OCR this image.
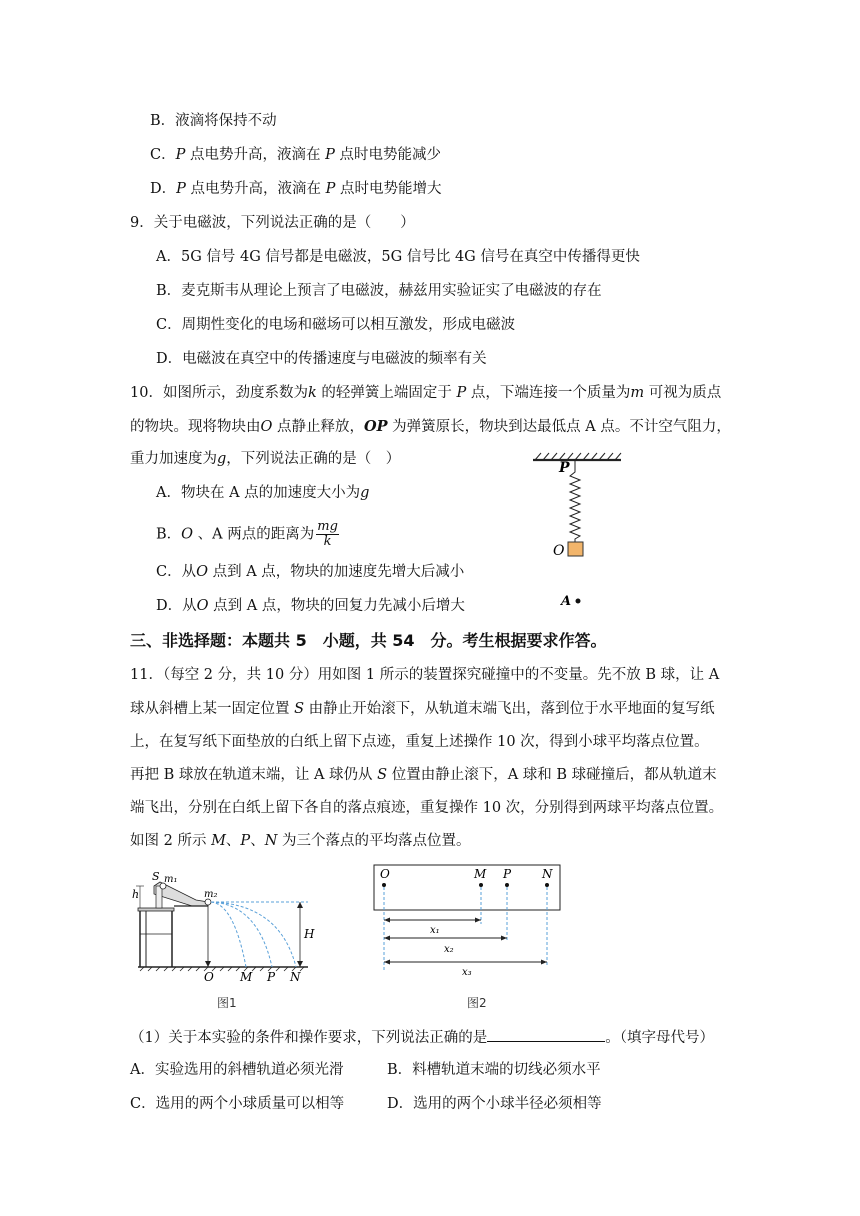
B．液滴将保持不动
C．P 点电势升高，液滴在 P 点时电势能减少
D．P 点电势升高，液滴在 P 点时电势能增大
9．关于电磁波，下列说法正确的是（　　）
A．5G 信号 4G 信号都是电磁波，5G 信号比 4G 信号在真空中传播得更快
B．麦克斯韦从理论上预言了电磁波，赫兹用实验证实了电磁波的存在
C．周期性变化的电场和磁场可以相互激发，形成电磁波
D．电磁波在真空中的传播速度与电磁波的频率有关
10．如图所示，劲度系数为k 的轻弹簧上端固定于 P 点，下端连接一个质量为m 可视为质点
的物块。现将物块由O 点静止释放，OP 为弹簧原长，物块到达最低点 A 点。不计空气阻力，
重力加速度为g，下列说法正确的是（　）
A．物块在 A 点的加速度大小为g
B．O 、A 两点的距离为 $\frac{mg}{k}$
C．从O 点到 A 点，物块的加速度先增大后减小
D．从O 点到 A 点，物块的回复力先减小后增大
P
O
A
三、非选择题：本题共 5　小题，共 54　分。考生根据要求作答。
11．（每空 2 分，共 10 分）用如图 1 所示的装置探究碰撞中的不变量。先不放 B 球，让 A
球从斜槽上某一固定位置 S 由静止开始滚下，从轨道末端飞出，落到位于水平地面的复写纸
上，在复写纸下面垫放的白纸上留下点迹，重复上述操作 10 次，得到小球平均落点位置。
再把 B 球放在轨道末端，让 A 球仍从 S 位置由静止滚下，A 球和 B 球碰撞后，都从轨道末
端飞出，分别在白纸上留下各自的落点痕迹，重复操作 10 次，分别得到两球平均落点位置。
如图 2 所示 M、P、N 为三个落点的平均落点位置。
h
S m₁
m₂
H
O M P N
图1
O	M P	N
x₁
x₂
x₃
图2
（1）关于本实验的条件和操作要求，下列说法正确的是	。（填字母代号）
A．实验选用的斜槽轨道必须光滑	B．料槽轨道末端的切线必须水平
C．选用的两个小球质量可以相等	D．选用的两个小球半径必须相等
